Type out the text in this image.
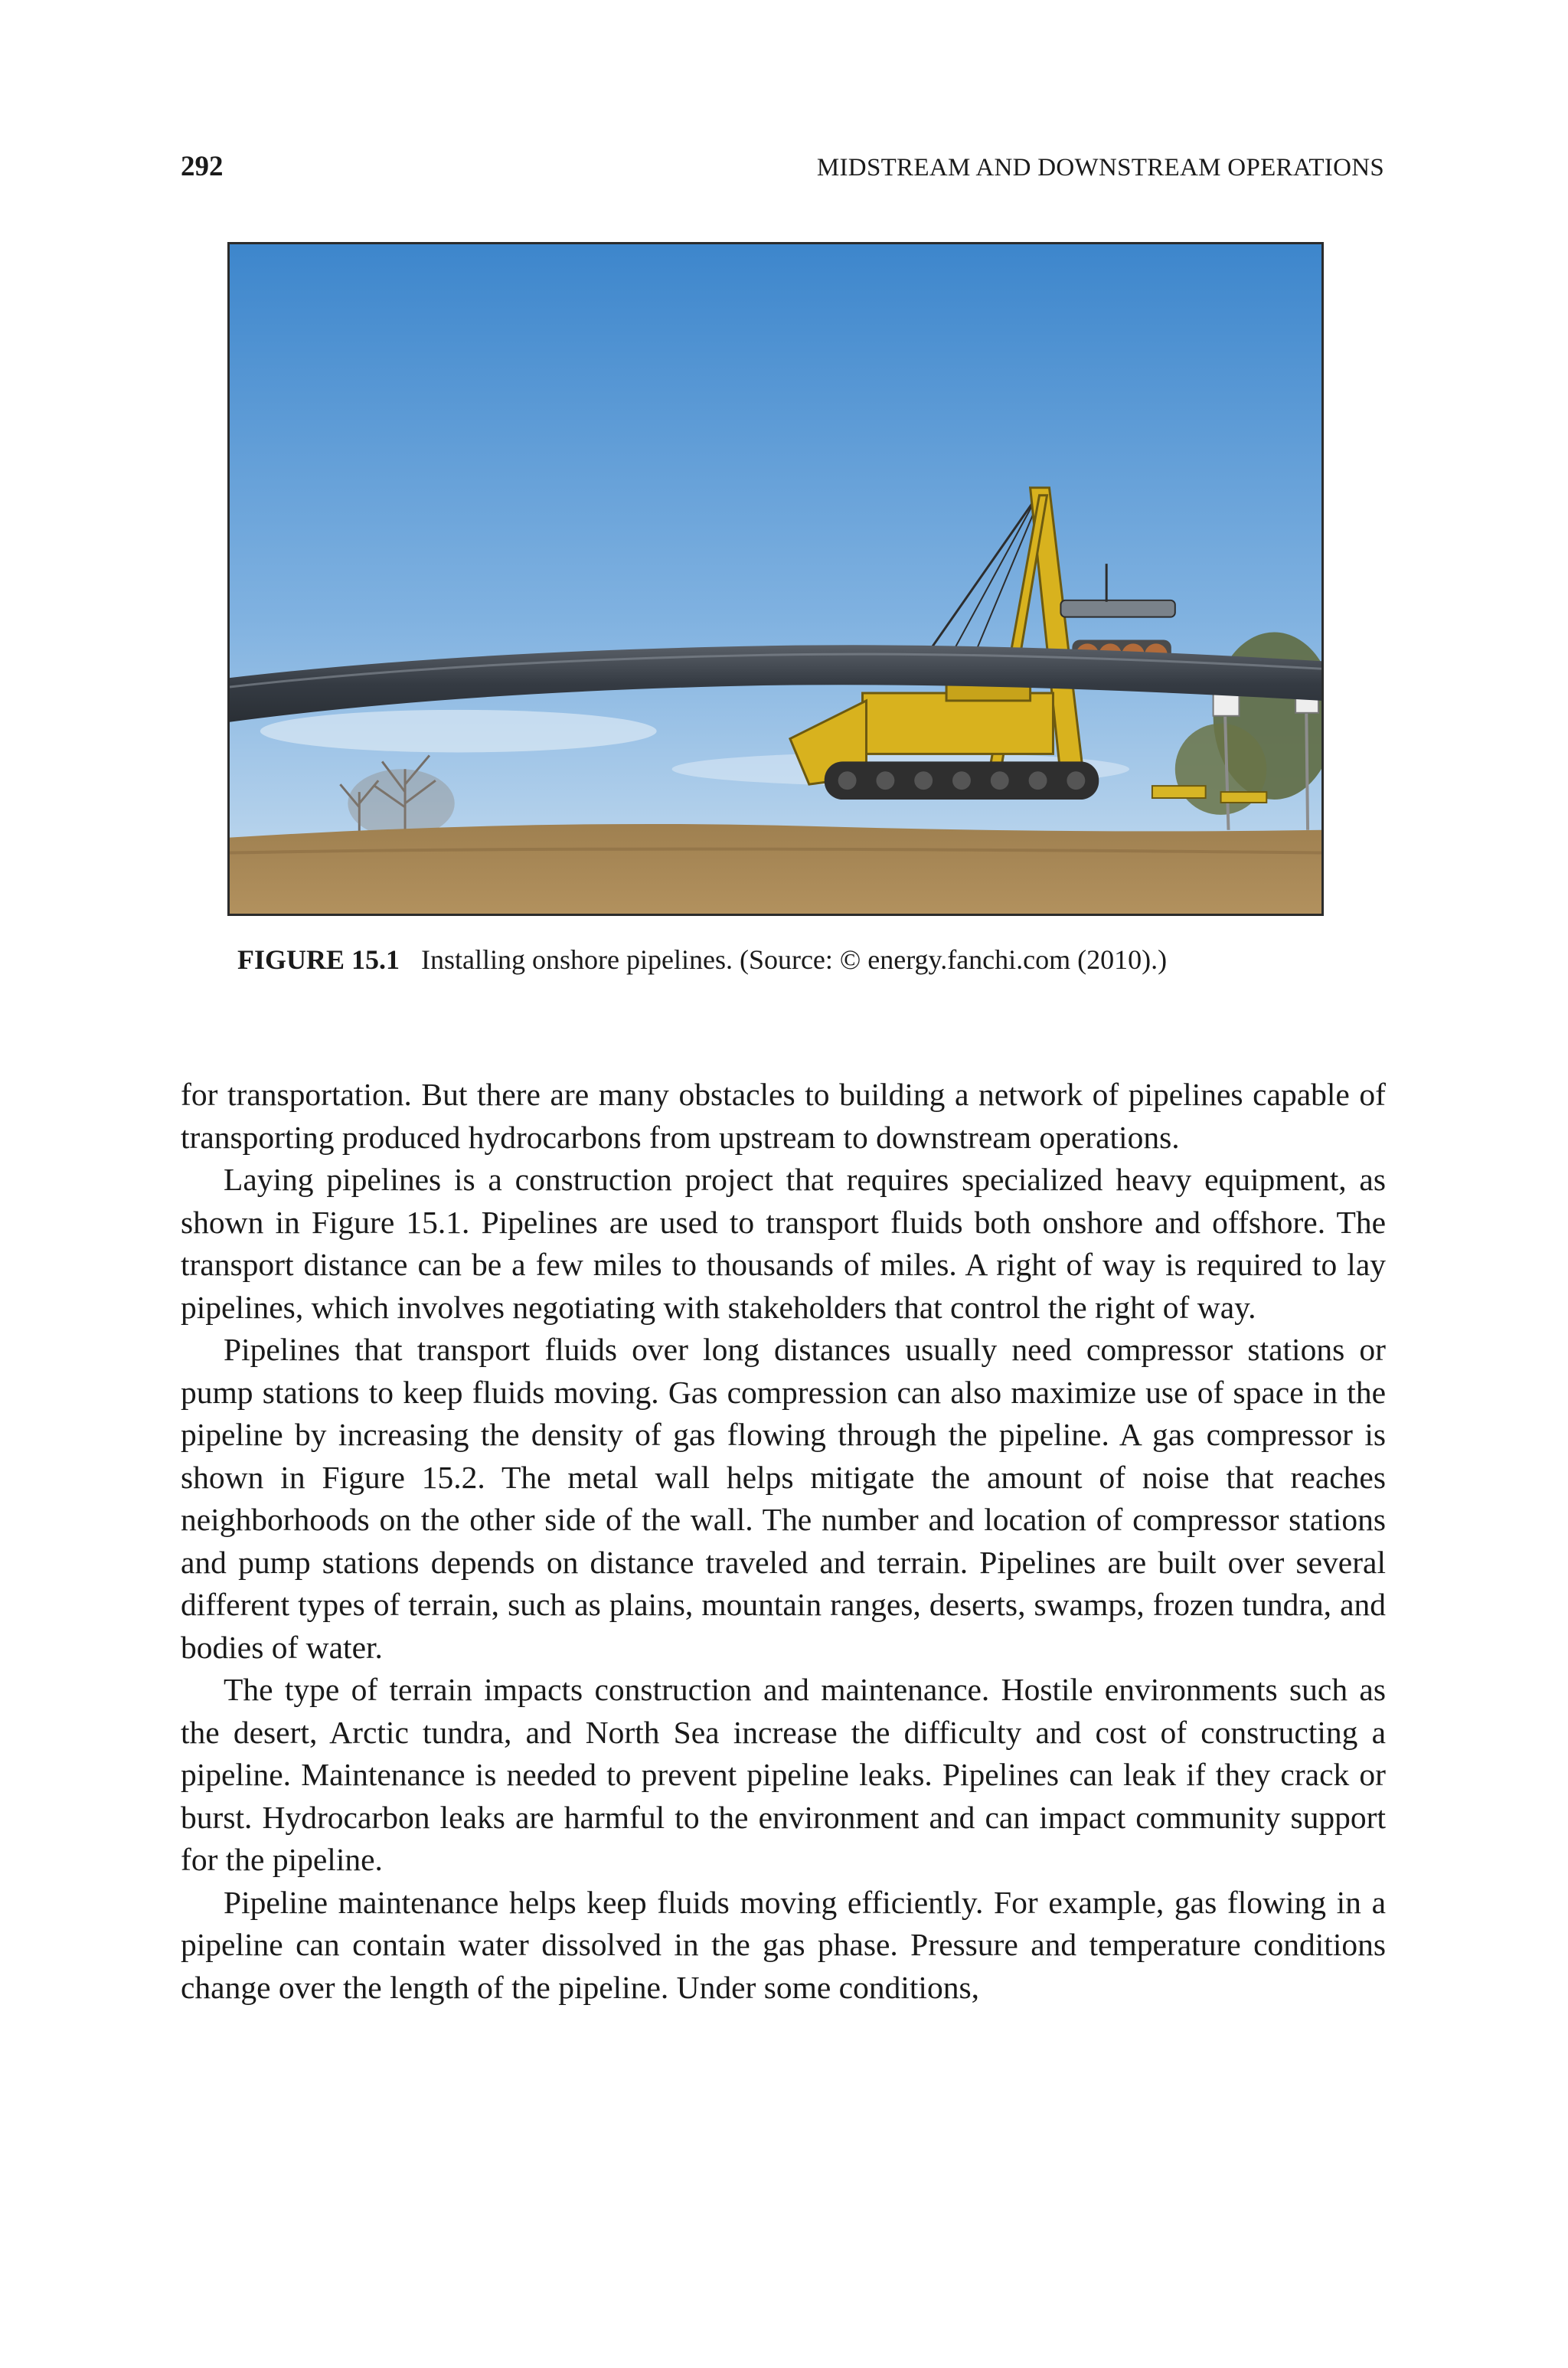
292	MIDSTREAM AND DOWNSTREAM OPERATIONS
FIGURE 15.1 Installing onshore pipelines. (Source: © energy.fanchi.com (2010).)

for transportation. But there are many obstacles to building a network of pipelines capable of transporting produced hydrocarbons from upstream to downstream operations.

Laying pipelines is a construction project that requires specialized heavy equipment, as shown in Figure 15.1. Pipelines are used to transport fluids both onshore and offshore. The transport distance can be a few miles to thousands of miles. A right of way is required to lay pipelines, which involves negotiating with stakeholders that control the right of way.

Pipelines that transport fluids over long distances usually need compressor stations or pump stations to keep fluids moving. Gas compression can also maximize use of space in the pipeline by increasing the density of gas flowing through the pipeline. A gas compressor is shown in Figure 15.2. The metal wall helps mitigate the amount of noise that reaches neighborhoods on the other side of the wall. The number and location of compressor stations and pump stations depends on distance traveled and terrain. Pipelines are built over several different types of terrain, such as plains, mountain ranges, deserts, swamps, frozen tundra, and bodies of water.

The type of terrain impacts construction and maintenance. Hostile environments such as the desert, Arctic tundra, and North Sea increase the difficulty and cost of constructing a pipeline. Maintenance is needed to prevent pipeline leaks. Pipelines can leak if they crack or burst. Hydrocarbon leaks are harmful to the environment and can impact community support for the pipeline.

Pipeline maintenance helps keep fluids moving efficiently. For example, gas flowing in a pipeline can contain water dissolved in the gas phase. Pressure and temperature conditions change over the length of the pipeline. Under some conditions,
